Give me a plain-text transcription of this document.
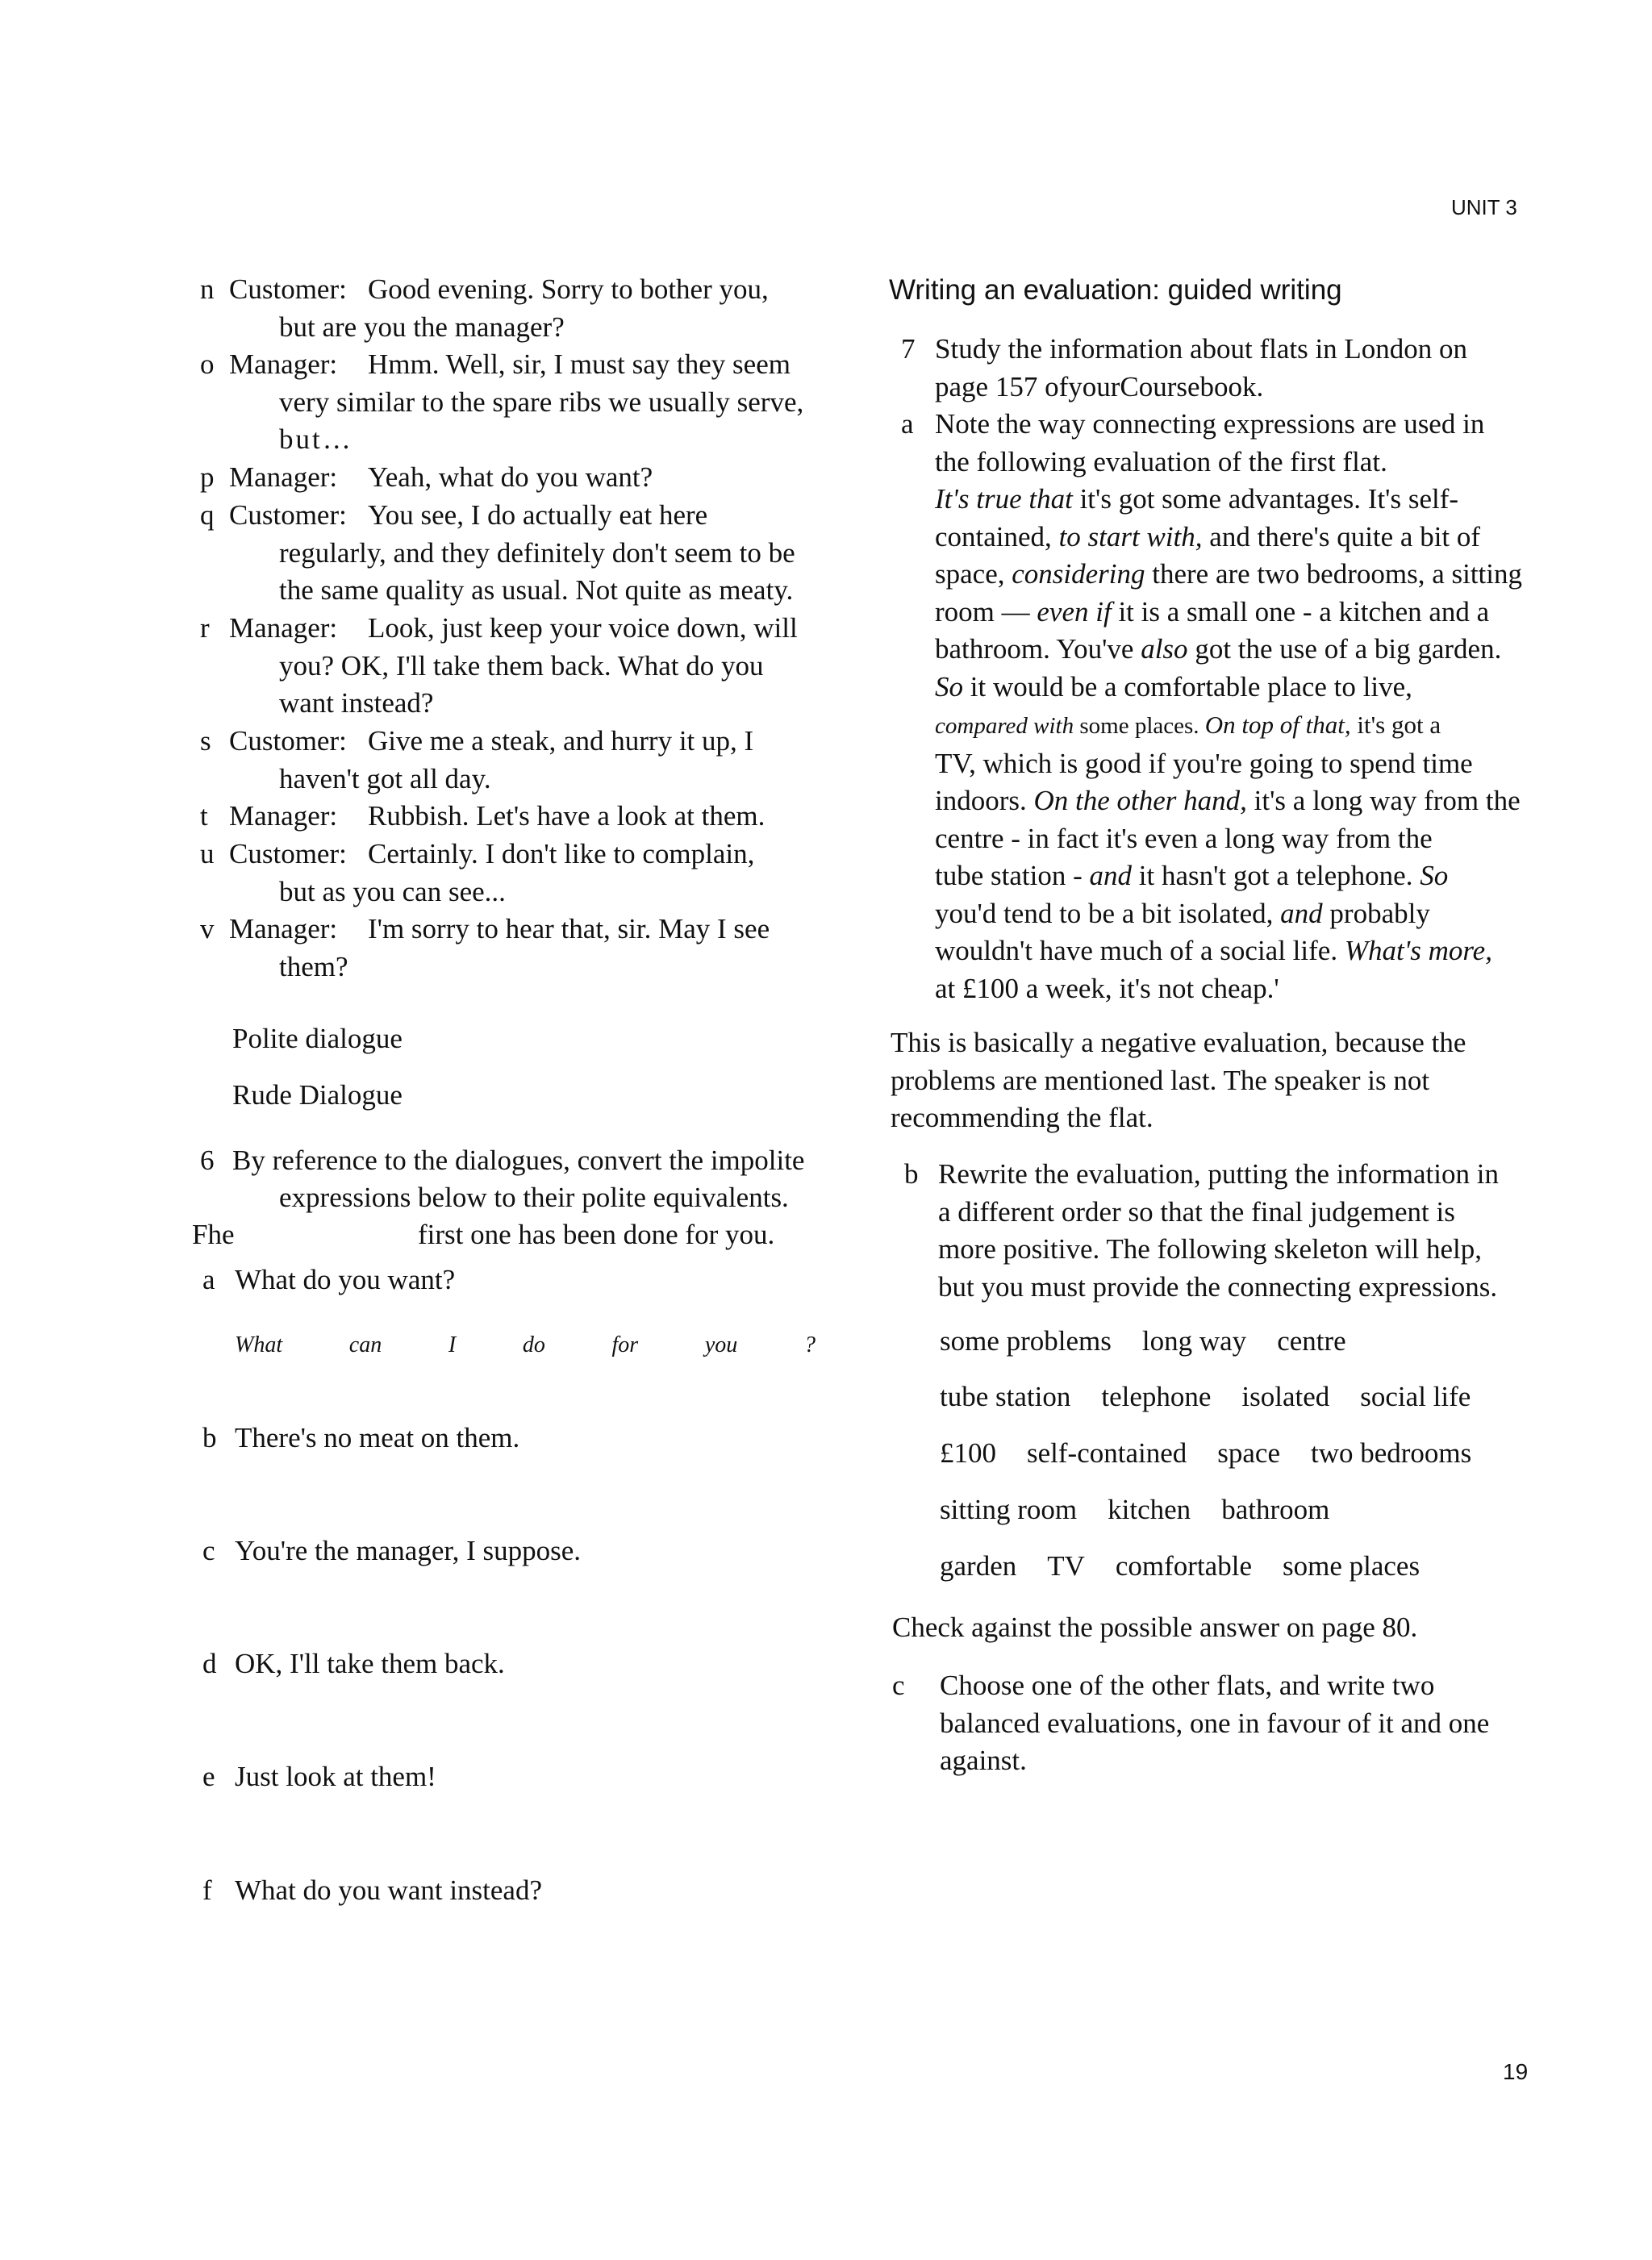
UNIT 3
19
n Customer: Good evening. Sorry to bother you,
but are you the manager?
o Manager: Hmm. Well, sir, I must say they seem
very similar to the spare ribs we usually serve,
but…
p Manager: Yeah, what do you want?
q Customer: You see, I do actually eat here
regularly, and they definitely don't seem to be
the same quality as usual. Not quite as meaty.
r Manager: Look, just keep your voice down, will
you? OK, I'll take them back. What do you
want instead?
s Customer: Give me a steak, and hurry it up, I
haven't got all day.
t Manager: Rubbish. Let's have a look at them.
u Customer: Certainly. I don't like to complain,
but as you can see...
v Manager: I'm sorry to hear that, sir. May I see
them?
Polite dialogue
Rude Dialogue
6 By reference to the dialogues, convert the impolite
expressions below to their polite equivalents.
Fhe	first one has been done for you.
a What do you want?
What	can	I	do	for	you	?
b There's no meat on them.
c You're the manager, I suppose.
d OK, I'll take them back.
e Just look at them!
f What do you want instead?
Writing an evaluation: guided writing
7 Study the information about flats in London on
page 157 ofyourCoursebook.
a Note the way connecting expressions are used in
the following evaluation of the first flat.
It's true that it's got some advantages. It's self-
contained, to start with, and there's quite a bit of
space, considering there are two bedrooms, a sitting
room — even if it is a small one - a kitchen and a
bathroom. You've also got the use of a big garden.
So it would be a comfortable place to live,
compared with some places. On top of that, it's got a
TV, which is good if you're going to spend time
indoors. On the other hand, it's a long way from the
centre - in fact it's even a long way from the
tube station - and it hasn't got a telephone. So
you'd tend to be a bit isolated, and probably
wouldn't have much of a social life. What's more,
at £100 a week, it's not cheap.'
This is basically a negative evaluation, because the
problems are mentioned last. The speaker is not
recommending the flat.
b Rewrite the evaluation, putting the information in
a different order so that the final judgement is
more positive. The following skeleton will help,
but you must provide the connecting expressions.
some problems long way centre
tube station telephone isolated social life
£100 self-contained space two bedrooms
sitting room kitchen bathroom
garden TV comfortable some places
Check against the possible answer on page 80.
c Choose one of the other flats, and write two
balanced evaluations, one in favour of it and one
against.
